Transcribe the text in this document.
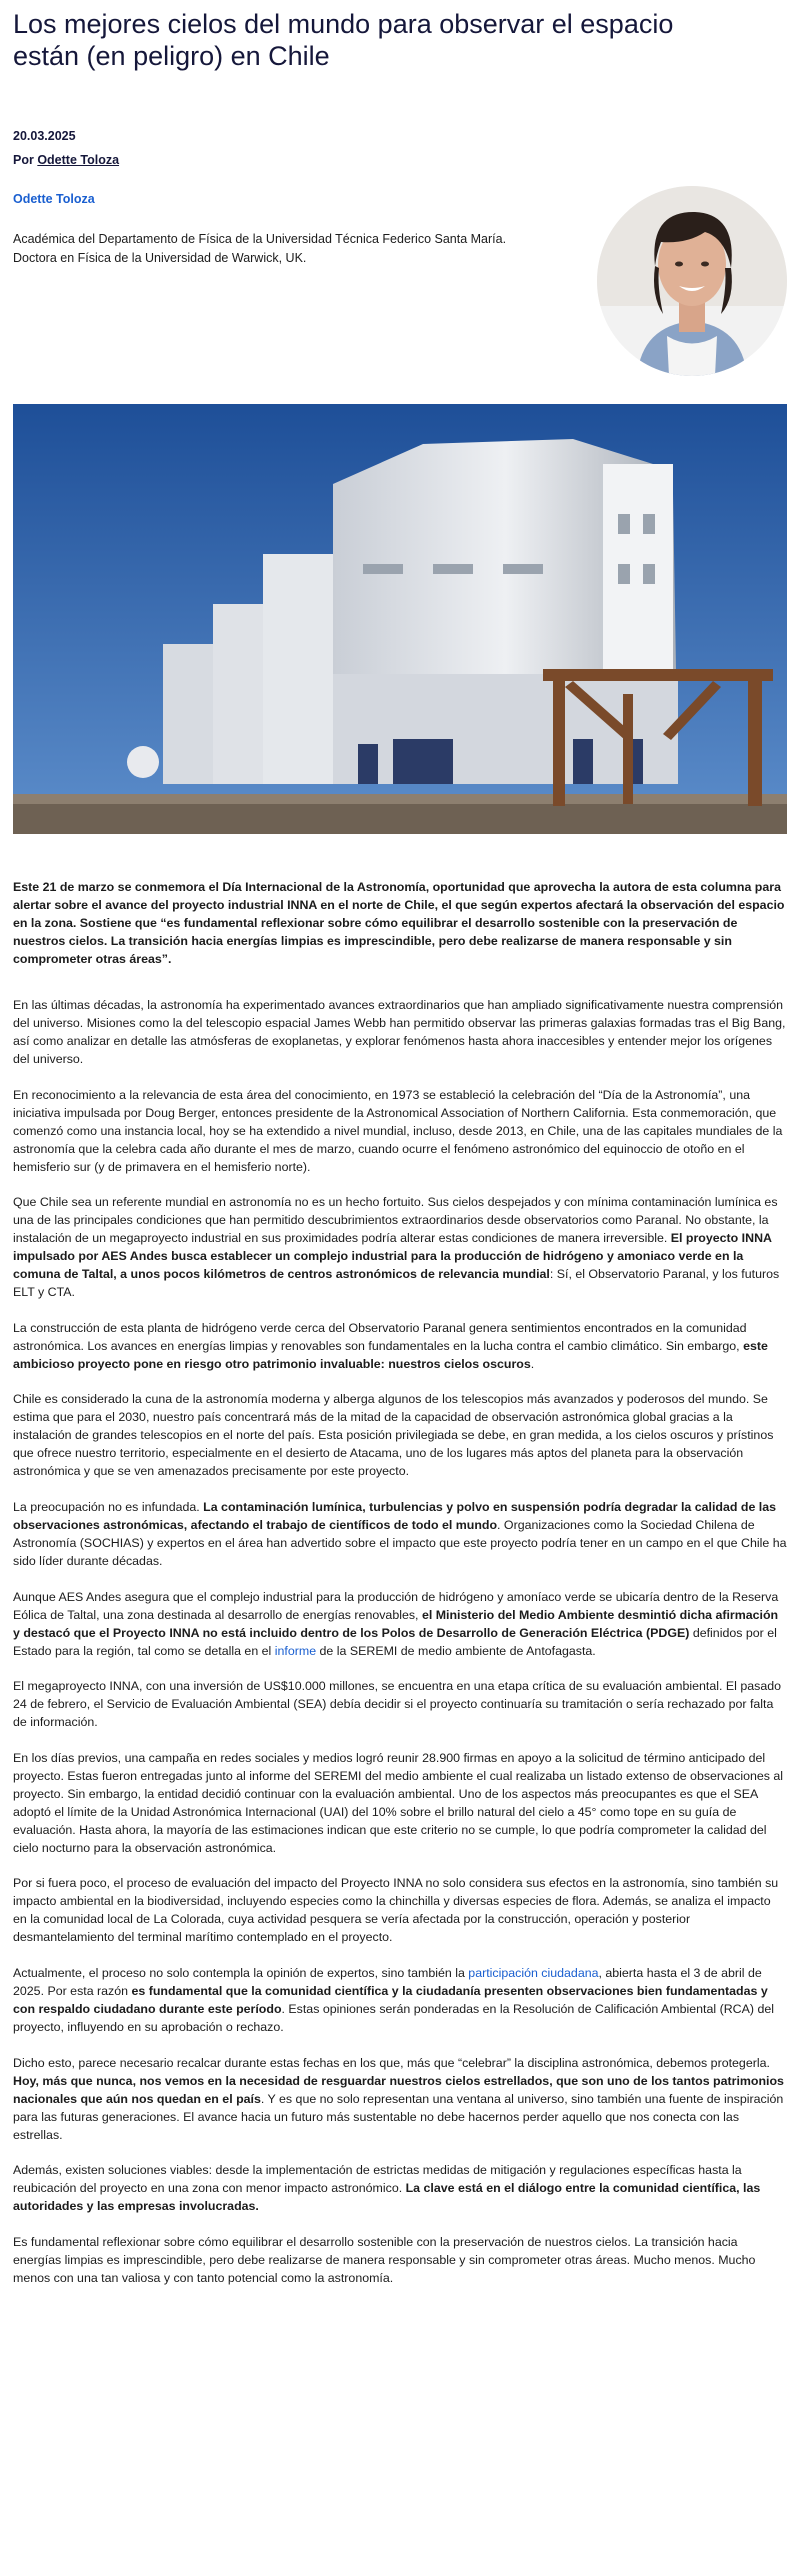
Los mejores cielos del mundo para observar el espacio están (en peligro) en Chile
20.03.2025
Por Odette Toloza
Odette Toloza
Académica del Departamento de Física de la Universidad Técnica Federico Santa María.
Doctora en Física de la Universidad de Warwick, UK.

Este 21 de marzo se conmemora el Día Internacional de la Astronomía, oportunidad que aprovecha la autora de esta columna para alertar sobre el avance del proyecto industrial INNA en el norte de Chile, el que según expertos afectará la observación del espacio en la zona. Sostiene que “es fundamental reflexionar sobre cómo equilibrar el desarrollo sostenible con la preservación de nuestros cielos. La transición hacia energías limpias es imprescindible, pero debe realizarse de manera responsable y sin comprometer otras áreas”.

En las últimas décadas, la astronomía ha experimentado avances extraordinarios que han ampliado significativamente nuestra comprensión del universo. Misiones como la del telescopio espacial James Webb han permitido observar las primeras galaxias formadas tras el Big Bang, así como analizar en detalle las atmósferas de exoplanetas, y explorar fenómenos hasta ahora inaccesibles y entender mejor los orígenes del universo.

En reconocimiento a la relevancia de esta área del conocimiento, en 1973 se estableció la celebración del “Día de la Astronomía”, una iniciativa impulsada por Doug Berger, entonces presidente de la Astronomical Association of Northern California. Esta conmemoración, que comenzó como una instancia local, hoy se ha extendido a nivel mundial, incluso, desde 2013, en Chile, una de las capitales mundiales de la astronomía que la celebra cada año durante el mes de marzo, cuando ocurre el fenómeno astronómico del equinoccio de otoño en el hemisferio sur (y de primavera en el hemisferio norte).

Que Chile sea un referente mundial en astronomía no es un hecho fortuito. Sus cielos despejados y con mínima contaminación lumínica es una de las principales condiciones que han permitido descubrimientos extraordinarios desde observatorios como Paranal. No obstante, la instalación de un megaproyecto industrial en sus proximidades podría alterar estas condiciones de manera irreversible. El proyecto INNA impulsado por AES Andes busca establecer un complejo industrial para la producción de hidrógeno y amoniaco verde en la comuna de Taltal, a unos pocos kilómetros de centros astronómicos de relevancia mundial: Sí, el Observatorio Paranal, y los futuros ELT y CTA.

La construcción de esta planta de hidrógeno verde cerca del Observatorio Paranal genera sentimientos encontrados en la comunidad astronómica. Los avances en energías limpias y renovables son fundamentales en la lucha contra el cambio climático. Sin embargo, este ambicioso proyecto pone en riesgo otro patrimonio invaluable: nuestros cielos oscuros.

Chile es considerado la cuna de la astronomía moderna y alberga algunos de los telescopios más avanzados y poderosos del mundo. Se estima que para el 2030, nuestro país concentrará más de la mitad de la capacidad de observación astronómica global gracias a la instalación de grandes telescopios en el norte del país. Esta posición privilegiada se debe, en gran medida, a los cielos oscuros y prístinos que ofrece nuestro territorio, especialmente en el desierto de Atacama, uno de los lugares más aptos del planeta para la observación astronómica y que se ven amenazados precisamente por este proyecto.

La preocupación no es infundada. La contaminación lumínica, turbulencias y polvo en suspensión podría degradar la calidad de las observaciones astronómicas, afectando el trabajo de científicos de todo el mundo. Organizaciones como la Sociedad Chilena de Astronomía (SOCHIAS) y expertos en el área han advertido sobre el impacto que este proyecto podría tener en un campo en el que Chile ha sido líder durante décadas.

Aunque AES Andes asegura que el complejo industrial para la producción de hidrógeno y amoníaco verde se ubicaría dentro de la Reserva Eólica de Taltal, una zona destinada al desarrollo de energías renovables, el Ministerio del Medio Ambiente desmintió dicha afirmación y destacó que el Proyecto INNA no está incluido dentro de los Polos de Desarrollo de Generación Eléctrica (PDGE) definidos por el Estado para la región, tal como se detalla en el informe de la SEREMI de medio ambiente de Antofagasta.

El megaproyecto INNA, con una inversión de US$10.000 millones, se encuentra en una etapa crítica de su evaluación ambiental. El pasado 24 de febrero, el Servicio de Evaluación Ambiental (SEA) debía decidir si el proyecto continuaría su tramitación o sería rechazado por falta de información.

En los días previos, una campaña en redes sociales y medios logró reunir 28.900 firmas en apoyo a la solicitud de término anticipado del proyecto. Estas fueron entregadas junto al informe del SEREMI del medio ambiente el cual realizaba un listado extenso de observaciones al proyecto. Sin embargo, la entidad decidió continuar con la evaluación ambiental. Uno de los aspectos más preocupantes es que el SEA adoptó el límite de la Unidad Astronómica Internacional (UAI) del 10% sobre el brillo natural del cielo a 45° como tope en su guía de evaluación. Hasta ahora, la mayoría de las estimaciones indican que este criterio no se cumple, lo que podría comprometer la calidad del cielo nocturno para la observación astronómica.

Por si fuera poco, el proceso de evaluación del impacto del Proyecto INNA no solo considera sus efectos en la astronomía, sino también su impacto ambiental en la biodiversidad, incluyendo especies como la chinchilla y diversas especies de flora. Además, se analiza el impacto en la comunidad local de La Colorada, cuya actividad pesquera se vería afectada por la construcción, operación y posterior desmantelamiento del terminal marítimo contemplado en el proyecto.

Actualmente, el proceso no solo contempla la opinión de expertos, sino también la participación ciudadana, abierta hasta el 3 de abril de 2025. Por esta razón es fundamental que la comunidad científica y la ciudadanía presenten observaciones bien fundamentadas y con respaldo ciudadano durante este período. Estas opiniones serán ponderadas en la Resolución de Calificación Ambiental (RCA) del proyecto, influyendo en su aprobación o rechazo.

Dicho esto, parece necesario recalcar durante estas fechas en los que, más que “celebrar” la disciplina astronómica, debemos protegerla. Hoy, más que nunca, nos vemos en la necesidad de resguardar nuestros cielos estrellados, que son uno de los tantos patrimonios nacionales que aún nos quedan en el país. Y es que no solo representan una ventana al universo, sino también una fuente de inspiración para las futuras generaciones. El avance hacia un futuro más sustentable no debe hacernos perder aquello que nos conecta con las estrellas.

Además, existen soluciones viables: desde la implementación de estrictas medidas de mitigación y regulaciones específicas hasta la reubicación del proyecto en una zona con menor impacto astronómico. La clave está en el diálogo entre la comunidad científica, las autoridades y las empresas involucradas.

Es fundamental reflexionar sobre cómo equilibrar el desarrollo sostenible con la preservación de nuestros cielos. La transición hacia energías limpias es imprescindible, pero debe realizarse de manera responsable y sin comprometer otras áreas. Mucho menos. Mucho menos con una tan valiosa y con tanto potencial como la astronomía.
